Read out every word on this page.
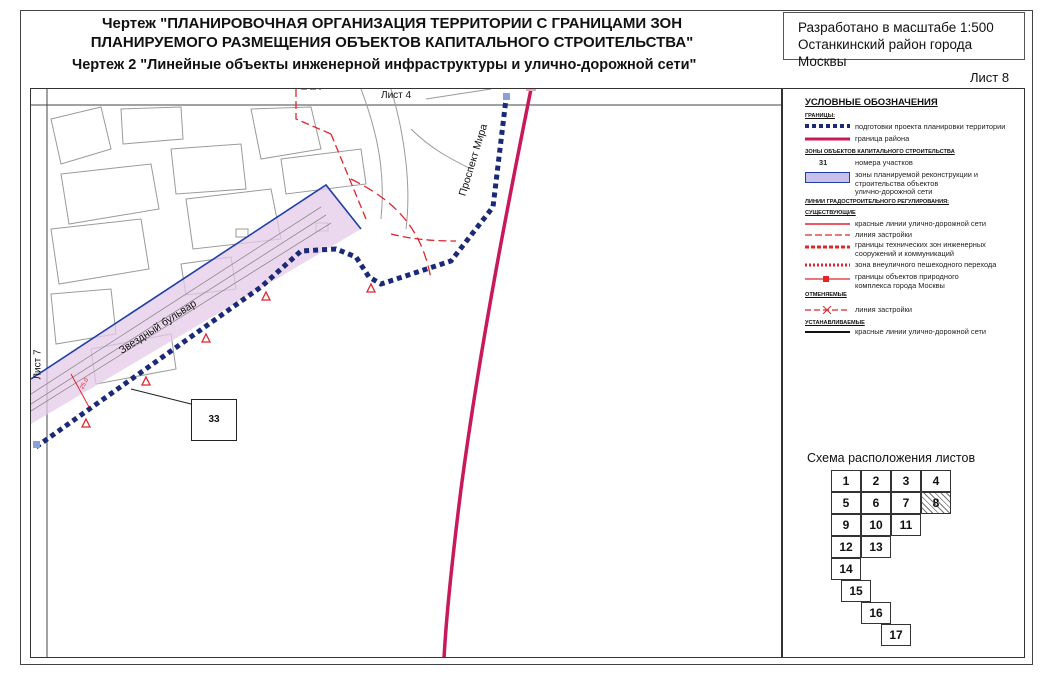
Чертеж "ПЛАНИРОВОЧНАЯ ОРГАНИЗАЦИЯ ТЕРРИТОРИИ С ГРАНИЦАМИ ЗОН
ПЛАНИРУЕМОГО РАЗМЕЩЕНИЯ ОБЪЕКТОВ КАПИТАЛЬНОГО СТРОИТЕЛЬСТВА"
Чертеж 2 "Линейные объекты инженерной инфраструктуры и улично-дорожной сети"
Разработано в масштабе 1:500
Останкинский район города Москвы
Лист 8
Лист 4
Лист 7
Проспект Мира
Звездный бульвар
25.0
33
УСЛОВНЫЕ ОБОЗНАЧЕНИЯ
ГРАНИЦЫ:
подготовки проекта планировки территории
граница района
ЗОНЫ ОБЪЕКТОВ КАПИТАЛЬНОГО СТРОИТЕЛЬСТВА
31	номера участков
зоны планируемой реконструкции и
строительства объектов
улично-дорожной сети
ЛИНИИ ГРАДОСТРОИТЕЛЬНОГО РЕГУЛИРОВАНИЯ:
СУЩЕСТВУЮЩИЕ
красные линии улично-дорожной сети
линия застройки
границы технических зон инженерных
сооружений и коммуникаций
зона внеуличного пешеходного перехода
границы объектов природного
комплекса города Москвы
ОТМЕНЯЕМЫЕ
линия застройки
УСТАНАВЛИВАЕМЫЕ
красные линии улично-дорожной сети
Схема расположения листов
1	2	3	4
5	6	7	8
9	10	11
12	13
14
15
16
17
